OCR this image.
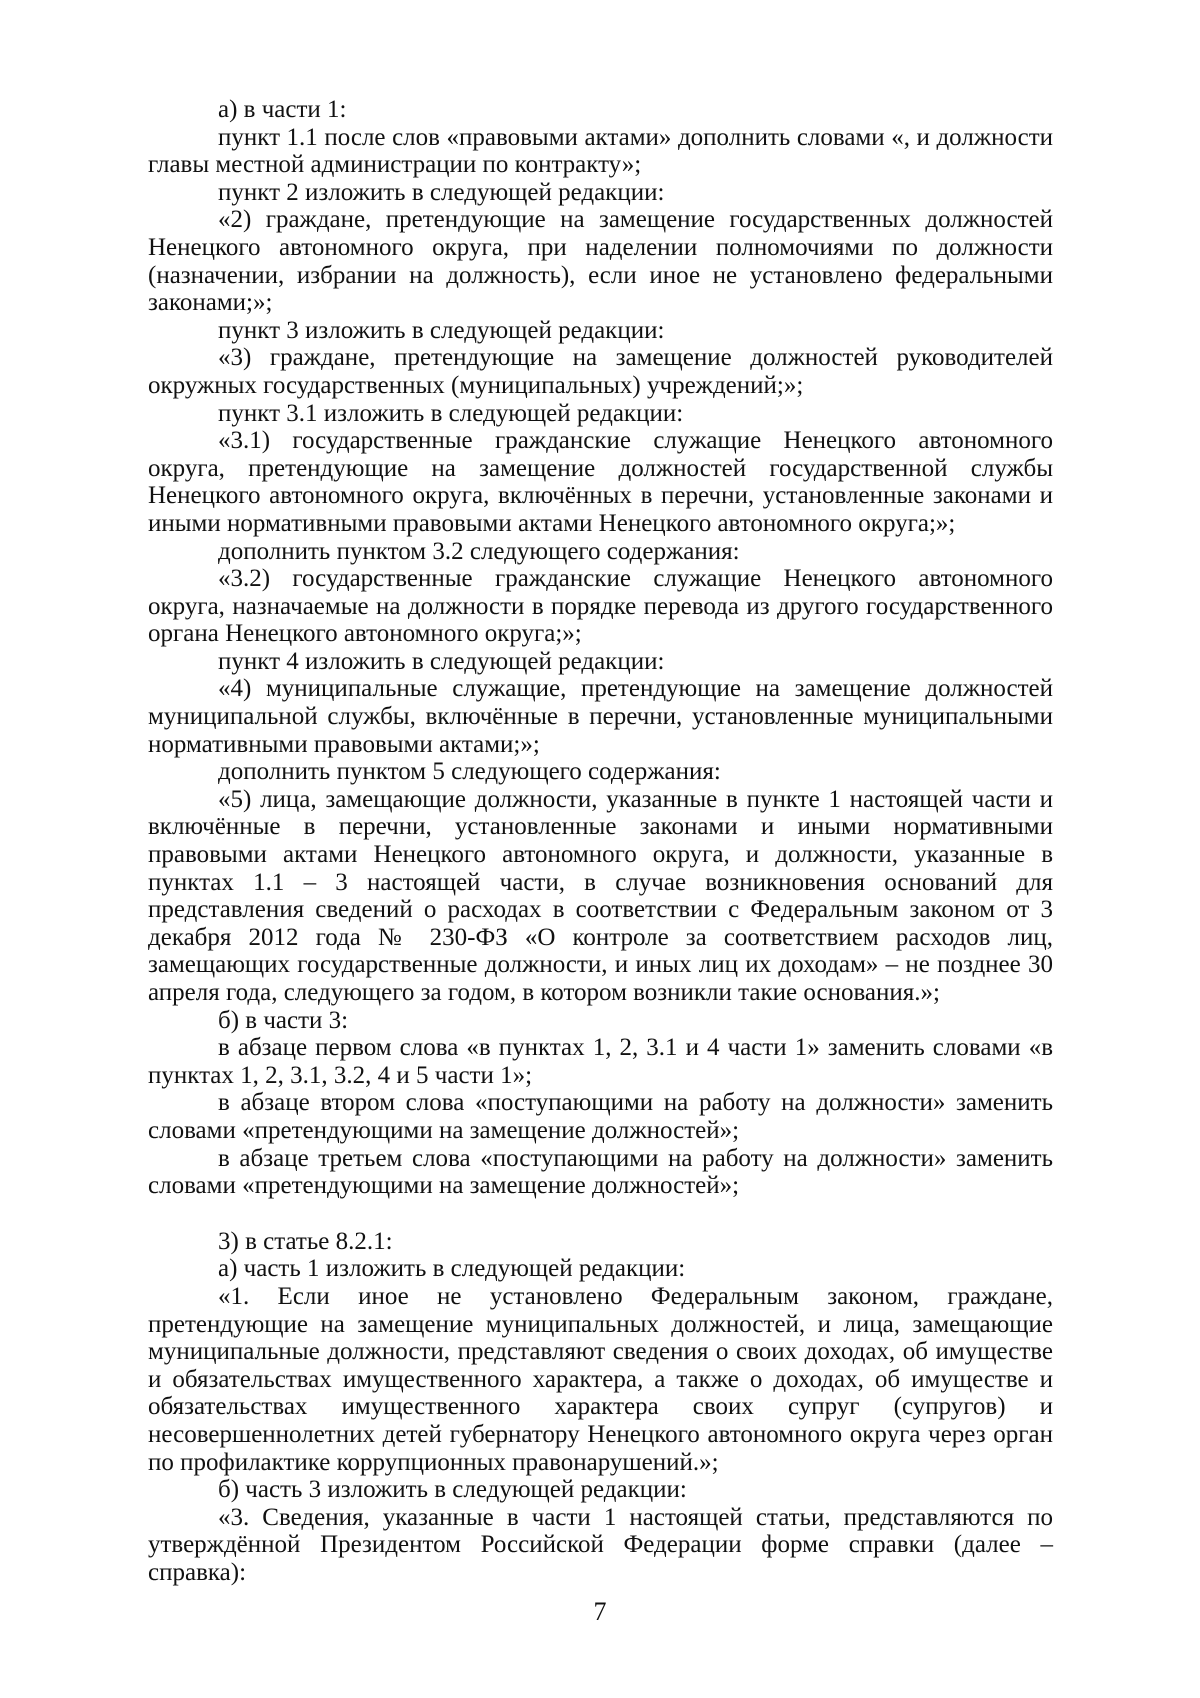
а) в части 1:

пункт 1.1 после слов «правовыми актами» дополнить словами «, и должности главы местной администрации по контракту»;

пункт 2 изложить в следующей редакции:

«2) граждане, претендующие на замещение государственных должностей Ненецкого автономного округа, при наделении полномочиями по должности (назначении, избрании на должность), если иное не установлено федеральными законами;»;

пункт 3 изложить в следующей редакции:

«3) граждане, претендующие на замещение должностей руководителей окружных государственных (муниципальных) учреждений;»;

пункт 3.1 изложить в следующей редакции:

«3.1) государственные гражданские служащие Ненецкого автономного округа, претендующие на замещение должностей государственной службы Ненецкого автономного округа, включённых в перечни, установленные законами и иными нормативными правовыми актами Ненецкого автономного округа;»;

дополнить пунктом 3.2 следующего содержания:

«3.2) государственные гражданские служащие Ненецкого автономного округа, назначаемые на должности в порядке перевода из другого государственного органа Ненецкого автономного округа;»;

пункт 4 изложить в следующей редакции:

«4) муниципальные служащие, претендующие на замещение должностей муниципальной службы, включённые в перечни, установленные муниципальными нормативными правовыми актами;»;

дополнить пунктом 5 следующего содержания:

«5) лица, замещающие должности, указанные в пункте 1 настоящей части и включённые в перечни, установленные законами и иными нормативными правовыми актами Ненецкого автономного округа, и должности, указанные в пунктах 1.1 – 3 настоящей части, в случае возникновения оснований для представления сведений о расходах в соответствии с Федеральным законом от 3 декабря 2012 года № 230-ФЗ «О контроле за соответствием расходов лиц, замещающих государственные должности, и иных лиц их доходам» – не позднее 30 апреля года, следующего за годом, в котором возникли такие основания.»;

б) в части 3:

в абзаце первом слова «в пунктах 1, 2, 3.1 и 4 части 1» заменить словами «в пунктах 1, 2, 3.1, 3.2, 4 и 5 части 1»;

в абзаце втором слова «поступающими на работу на должности» заменить словами «претендующими на замещение должностей»;

в абзаце третьем слова «поступающими на работу на должности» заменить словами «претендующими на замещение должностей»;

3) в статье 8.2.1:

а) часть 1 изложить в следующей редакции:

«1. Если иное не установлено Федеральным законом, граждане, претендующие на замещение муниципальных должностей, и лица, замещающие муниципальные должности, представляют сведения о своих доходах, об имуществе и обязательствах имущественного характера, а также о доходах, об имуществе и обязательствах имущественного характера своих супруг (супругов) и несовершеннолетних детей губернатору Ненецкого автономного округа через орган по профилактике коррупционных правонарушений.»;

б) часть 3 изложить в следующей редакции:

«3. Сведения, указанные в части 1 настоящей статьи, представляются по утверждённой Президентом Российской Федерации форме справки (далее – справка):

7
